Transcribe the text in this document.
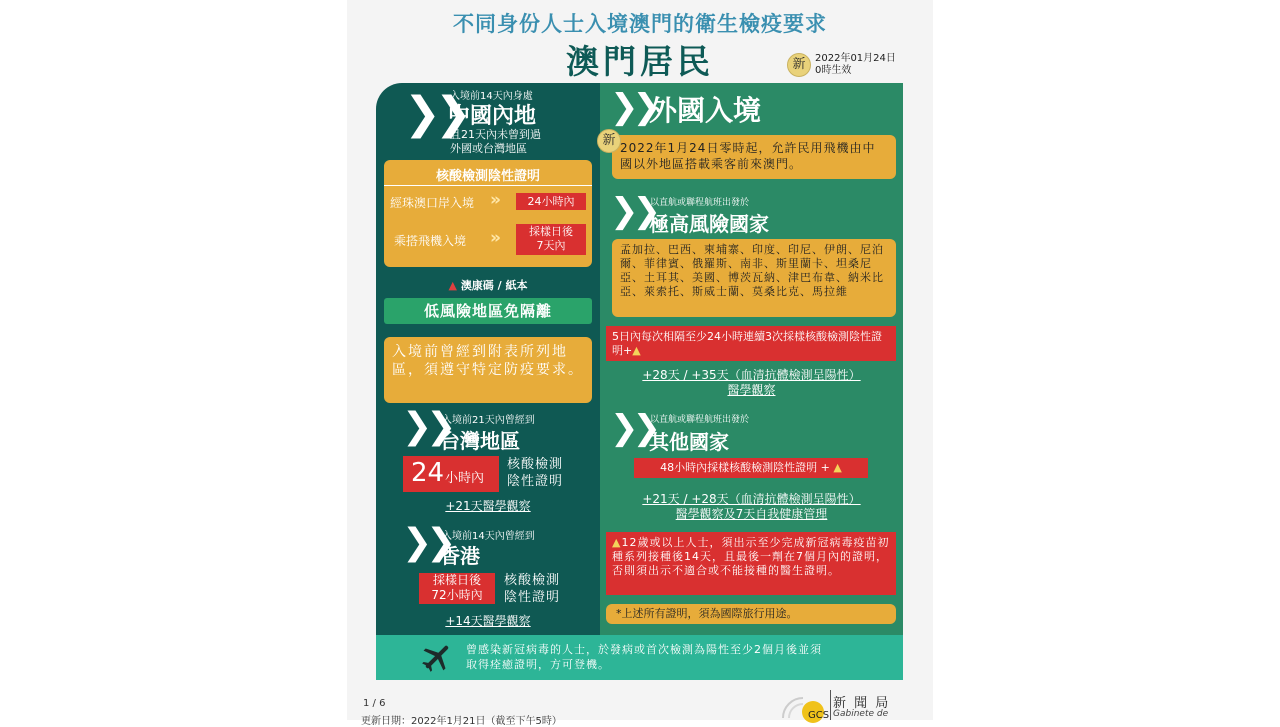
不同身份人士入境澳門的衛生檢疫要求
澳門居民	新 2022年01月24日
0時生效
入境前14天內身處
❯❯
中國內地
且21天內未曾到過
外國或台灣地區
核酸檢測陰性證明
經珠澳口岸入境 »	24小時內
乘搭飛機入境 »	採樣日後
7天內
▲ 澳康碼 / 紙本
低風險地區免隔離
入境前曾經到附表所列地區，須遵守特定防疫要求。
入境前21天內曾經到
❯❯
台灣地區
24 小時內
核酸檢測
陰性證明
+21天醫學觀察
入境前14天內曾經到
❯❯
香港
採樣日後
72小時內
核酸檢測
陰性證明
+14天醫學觀察
❯❯
外國入境
2022年1月24日零時起，允許民用飛機由中國以外地區搭載乘客前來澳門。
新
以直航或聯程航班出發於
❯❯
極高風險國家
孟加拉、巴西、柬埔寨、印度、印尼、伊朗、尼泊爾、菲律賓、俄羅斯、南非、斯里蘭卡、坦桑尼亞、土耳其、美國、博茨瓦納、津巴布韋、納米比亞、萊索托、斯威士蘭、莫桑比克、馬拉維
5日內每次相隔至少24小時連續3次採樣核酸檢測陰性證明+▲
+28天 / +35天（血清抗體檢測呈陽性）
醫學觀察
以直航或聯程航班出發於
❯❯
其他國家
48小時內採樣核酸檢測陰性證明 + ▲
+21天 / +28天（血清抗體檢測呈陽性）
醫學觀察及7天自我健康管理
▲12歲或以上人士，須出示至少完成新冠病毒疫苗初種系列接種後14天，且最後一劑在7個月內的證明，否則須出示不適合或不能接種的醫生證明。
*上述所有證明，須為國際旅行用途。
曾感染新冠病毒的人士，於發病或首次檢測為陽性至少2個月後並須
取得痊癒證明，方可登機。
1 / 6
更新日期：2022年1月21日（截至下午5時）
GCS
新 聞 局
Gabinete de
